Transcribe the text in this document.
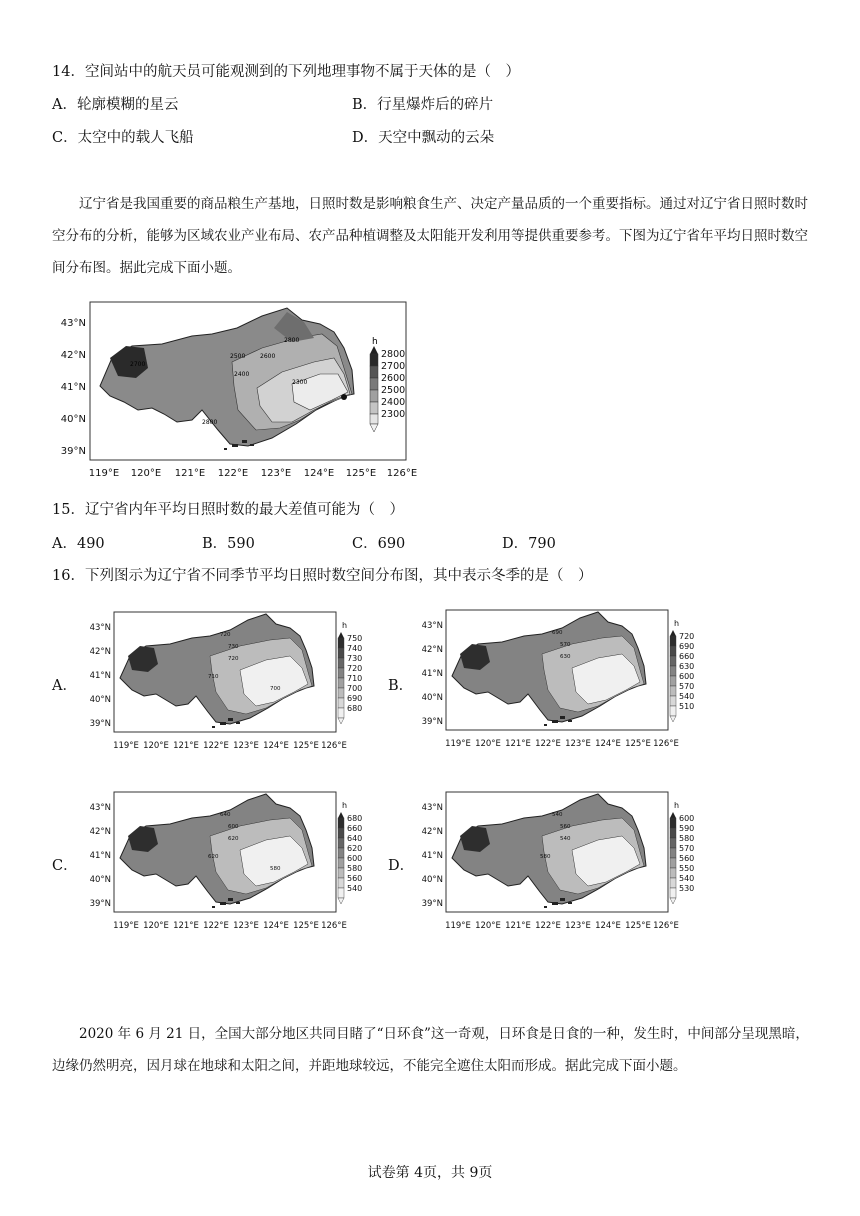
14．空间站中的航天员可能观测到的下列地理事物不属于天体的是（　）
A．轮廓模糊的星云	B．行星爆炸后的碎片
C．太空中的载人飞船	D．天空中飘动的云朵
辽宁省是我国重要的商品粮生产基地，日照时数是影响粮食生产、决定产量品质的一个重要指标。通过对辽宁省日照时数时空分布的分析，能够为区域农业产业布局、农产品种植调整及太阳能开发利用等提供重要参考。下图为辽宁省年平均日照时数空间分布图。据此完成下面小题。
2700
2500
2400
2800
2600
2300
2800
43°N
42°N
41°N
40°N
39°N
119°E 120°E 121°E 122°E 123°E 124°E 125°E 126°E
h
2800
2700
2600
2500
2400
2300
15．辽宁省内年平均日照时数的最大差值可能为（　）
A．490	B．590	C．690	D．790
16．下列图示为辽宁省不同季节平均日照时数空间分布图，其中表示冬季的是（　）
A．	B．
C．	D．
720
720
730
710
700
43°N
42°N
41°N
40°N
39°N
119°E 120°E 121°E 122°E 123°E 124°E 125°E 126°E
h
750
740
730
720
710
700
690
680
690
630
570
43°N
42°N
41°N
40°N
39°N
119°E 120°E 121°E 122°E 123°E 124°E 125°E 126°E
h
720
690
660
630
600
570
540
510
640
620
600
620
580
43°N
42°N
41°N
40°N
39°N
119°E 120°E 121°E 122°E 123°E 124°E 125°E 126°E
h
680
660
640
620
600
580
560
540
540
540
560
580
43°N
42°N
41°N
40°N
39°N
119°E 120°E 121°E 122°E 123°E 124°E 125°E 126°E
h
600
590
580
570
560
550
540
530
2020 年 6 月 21 日，全国大部分地区共同目睹了“日环食”这一奇观，日环食是日食的一种，发生时，中间部分呈现黑暗，边缘仍然明亮，因月球在地球和太阳之间，并距地球较远，不能完全遮住太阳而形成。据此完成下面小题。
试卷第 4页，共 9页
